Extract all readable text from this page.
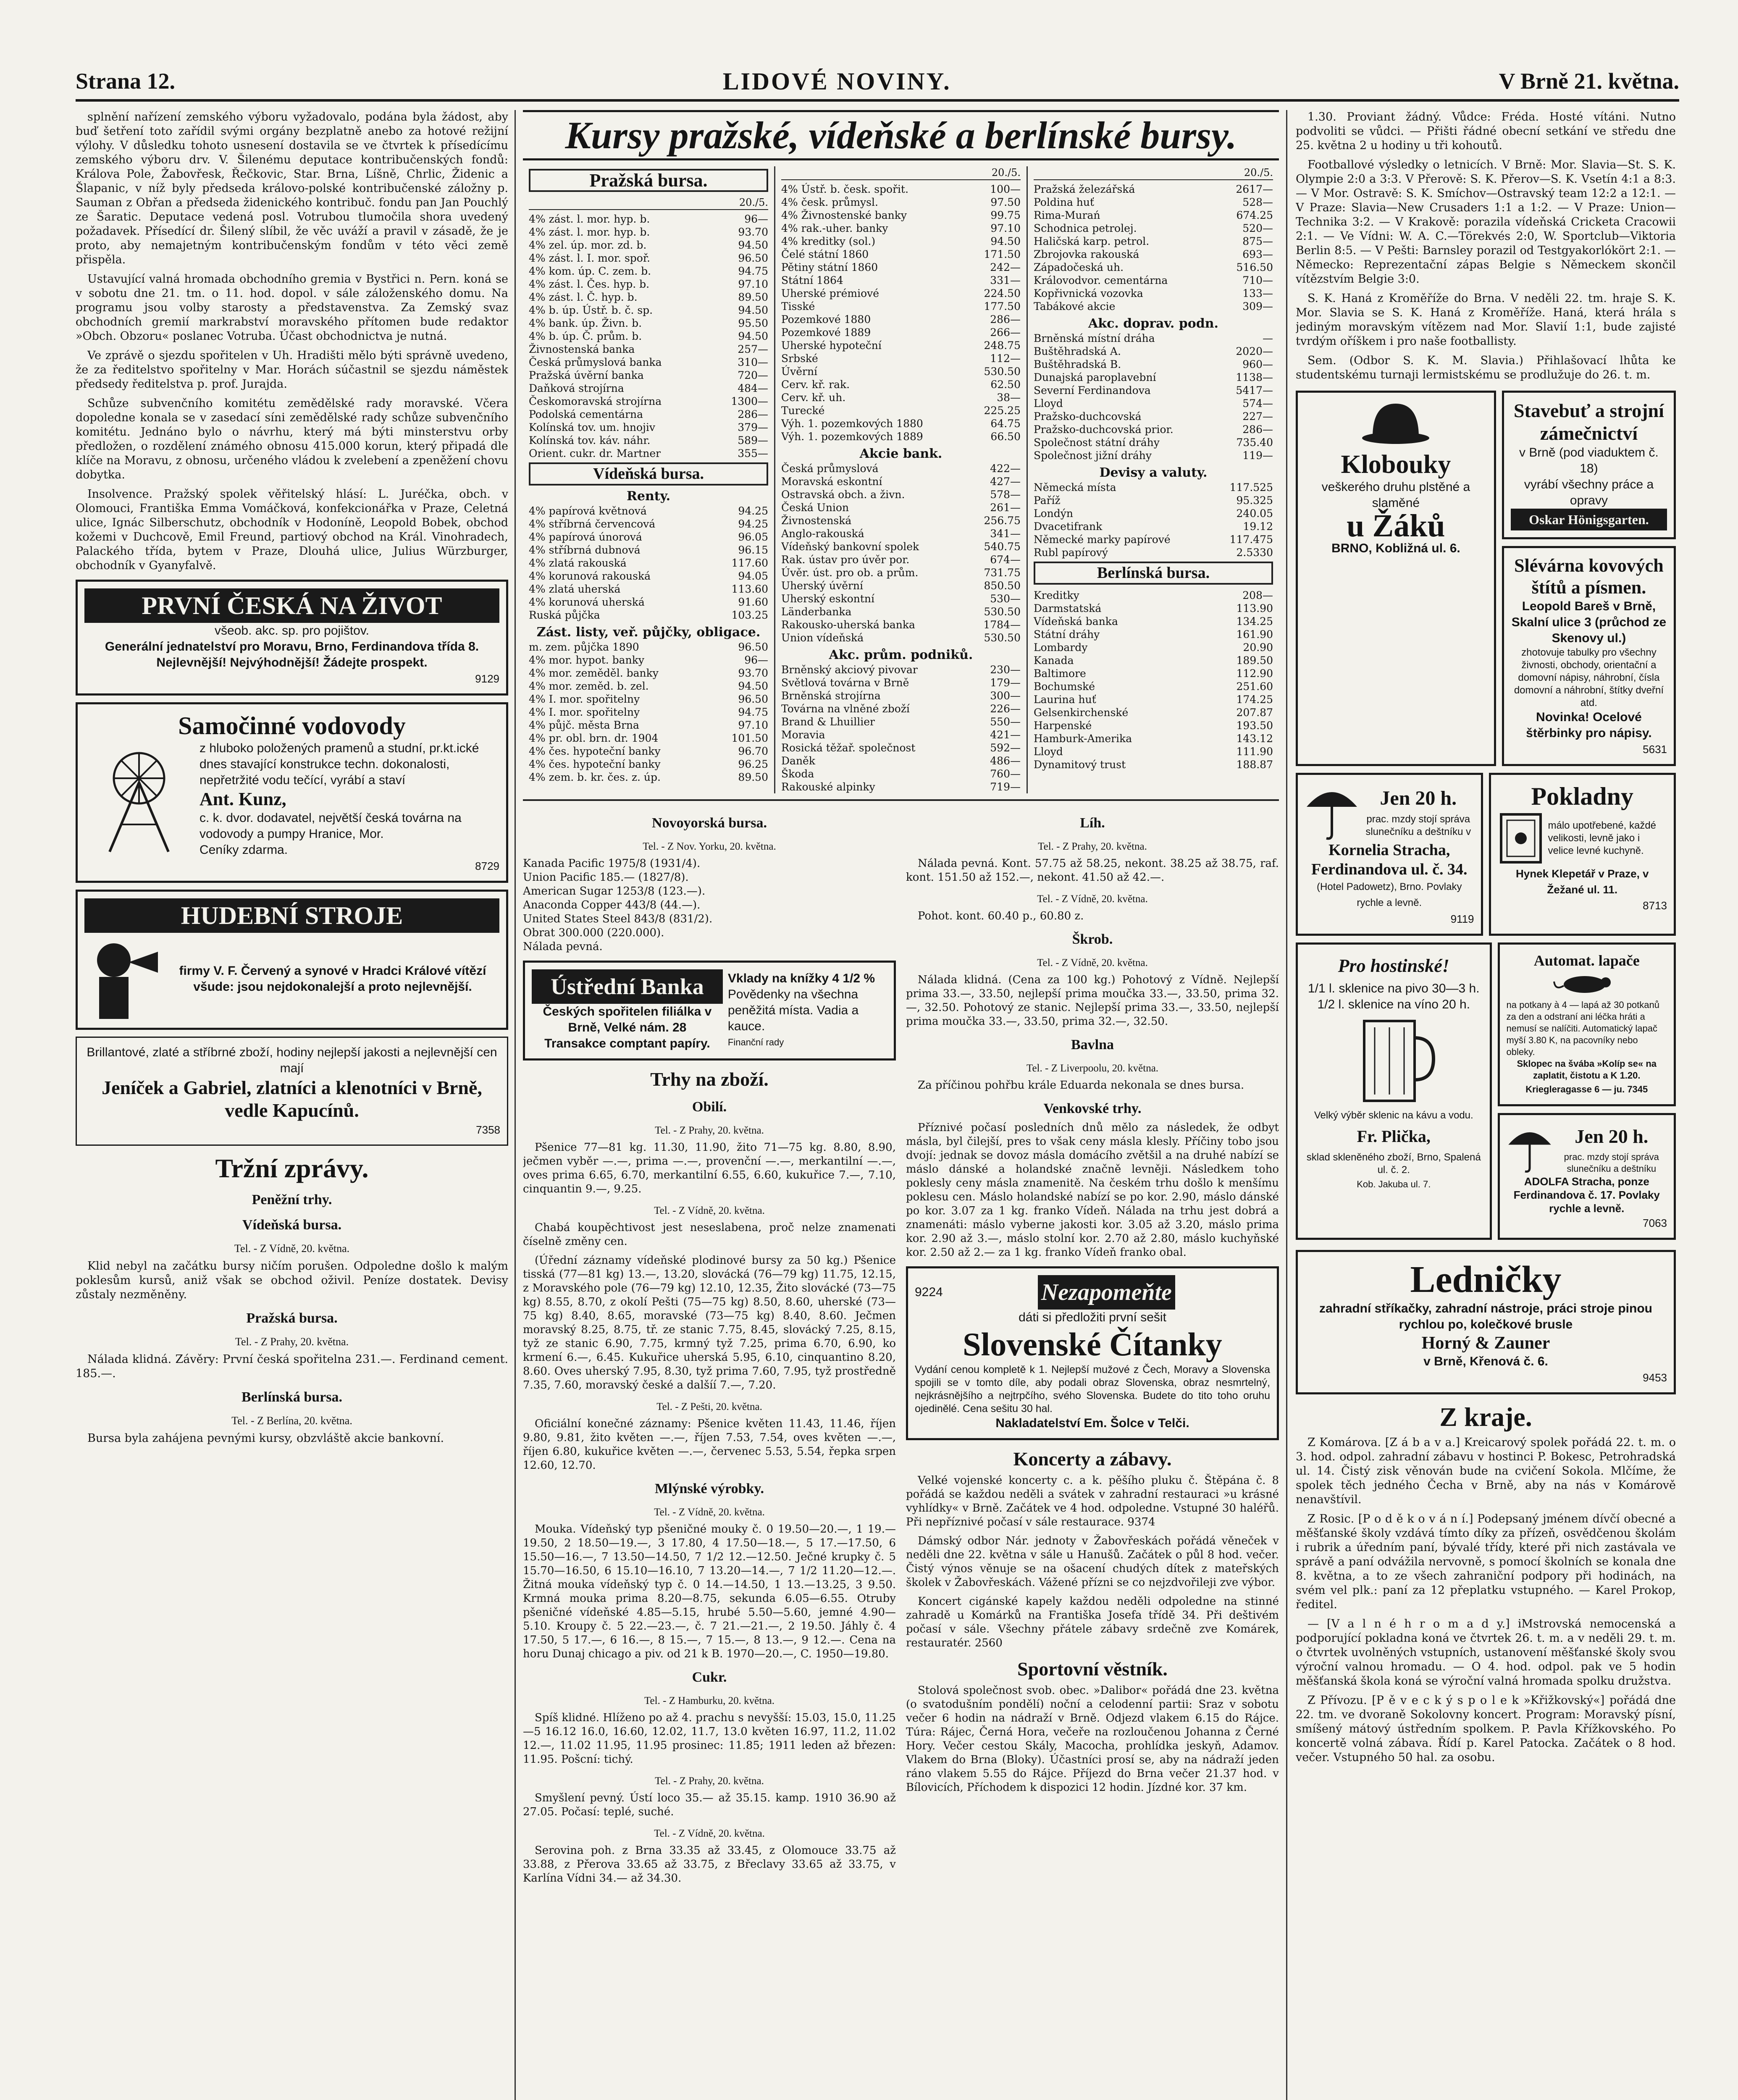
Strana 12.	LIDOVÉ NOVINY.	V Brně 21. května.

splnění nařízení zemského výboru vyžadovalo, podána byla žádost, aby buď šetření toto zařídil svými orgány bezplatně anebo za hotové režijní výlohy. V důsledku tohoto usnesení dostavila se ve čtvrtek k přísedícímu zemského výboru drv. V. Šilenému deputace kontribučenských fondů: Králova Pole, Žabovřesk, Řečkovic, Star. Brna, Líšně, Chrlic, Židenic a Šlapanic, v níž byly předseda královo-polské kontribučenské záložny p. Sauman z Obřan a předseda židenického kontribuč. fondu pan Jan Pouchlý ze Šaratic. Deputace vedená posl. Votrubou tlumočila shora uvedený požadavek. Přísedící dr. Šilený slíbil, že věc uváží a pravil v zásadě, že je proto, aby nemajetným kontribučenským fondům v této věci země přispěla.

Ustavující valná hromada obchodního gremia v Bystřici n. Pern. koná se v sobotu dne 21. tm. o 11. hod. dopol. v sále záloženského domu. Na programu jsou volby starosty a představenstva. Za Zemský svaz obchodních gremií markrabství moravského přítomen bude redaktor »Obch. Obzoru« poslanec Votruba. Účast obchodnictva je nutná.

Ve zprávě o sjezdu spořitelen v Uh. Hradišti mělo býti správně uvedeno, že za ředitelstvo spořitelny v Mar. Horách súčastnil se sjezdu náměstek předsedy ředitelstva p. prof. Jurajda.

Schůze subvenčního komitétu zemědělské rady moravské. Včera dopoledne konala se v zasedací síni zemědělské rady schůze subvenčního komitétu. Jednáno bylo o návrhu, který má býti minsterstvu orby předložen, o rozdělení známého obnosu 415.000 korun, který připadá dle klíče na Moravu, z obnosu, určeného vládou k zvelebení a zpeněžení chovu dobytka.

Insolvence. Pražský spolek věřitelský hlásí: L. Juréčka, obch. v Olomouci, Františka Emma Vomáčková, konfekcionářka v Praze, Celetná ulice, Ignác Silberschutz, obchodník v Hodoníně, Leopold Bobek, obchod kožemi v Duchcově, Emil Freund, partiový obchod na Král. Vinohradech, Palackého třída, bytem v Praze, Dlouhá ulice, Julius Würzburger, obchodník v Gyanyfalvě.

PRVNÍ ČESKÁ NA ŽIVOT
všeob. akc. sp. pro pojištov.
Generální jednatelství pro Moravu, Brno, Ferdinandova třída 8.
Nejlevnější! Nejvýhodnější! Žádejte prospekt.
9129
Samočinné vodovody
z hluboko položených pramenů a studní, pr.kt.ické dnes stavající konstrukce techn. dokonalosti, nepřetržité vodu tečící, vyrábí a staví
Ant. Kunz,
c. k. dvor. dodavatel, největší česká továrna na vodovody a pumpy Hranice, Mor.
Ceníky zdarma.
8729
HUDEBNÍ STROJE
firmy V. F. Červený a synové v Hradci Králové vítězí všude: jsou nejdokonalejší a proto nejlevnější.
Brillantové, zlaté a stříbrné zboží, hodiny nejlepší jakosti a nejlevnější cen mají
Jeníček a Gabriel, zlatníci a klenotníci v Brně, vedle Kapucínů.
7358
Tržní zprávy.
Peněžní trhy.
Vídeňská bursa.
Tel. - Z Vídně, 20. května.

Klid nebyl na začátku bursy ničím porušen. Odpoledne došlo k malým poklesům kursů, aniž však se obchod oživil. Peníze dostatek. Devisy zůstaly nezměněny.

Pražská bursa.
Tel. - Z Prahy, 20. května.

Nálada klidná. Závěry: První česká spořitelna 231.—. Ferdinand cement. 185.—.

Berlínská bursa.
Tel. - Z Berlína, 20. května.

Bursa byla zahájena pevnými kursy, obzvláště akcie bankovní.

Kursy pražské, vídeňské a berlínské bursy.
Pražská bursa.
20./5.
4% zást. l. mor. hyp. b.	96—
4% zást. l. mor. hyp. b.	93.70
4% zel. úp. mor. zd. b.	94.50
4% zást. l. I. mor. spoř.	96.50
4% kom. úp. C. zem. b.	94.75
4% zást. l. Čes. hyp. b.	97.10
4% zást. l. Č. hyp. b.	89.50
4% b. úp. Ústř. b. č. sp.	94.50
4% bank. úp. Živn. b.	95.50
4% b. úp. Č. prům. b.	94.50
Živnostenská banka	257—
Česká průmyslová banka	310—
Pražská úvěrní banka	720—
Daňková strojírna	484—
Českomoravská strojírna	1300—
Podolská cementárna	286—
Kolínská tov. um. hnojiv	379—
Kolínská tov. káv. náhr.	589—
Orient. cukr. dr. Martner	355—
Vídeňská bursa.
Renty.
4% papírová květnová	94.25
4% stříbrná červencová	94.25
4% papírová únorová	96.05
4% stříbrná dubnová	96.15
4% zlatá rakouská	117.60
4% korunová rakouská	94.05
4% zlatá uherská	113.60
4% korunová uherská	91.60
Ruská půjčka	103.25
Zást. listy, veř. půjčky, obligace.
m. zem. půjčka 1890	96.50
4% mor. hypot. banky	96—
4% mor. zeměděl. banky	93.70
4% mor. zeměd. b. zel.	94.50
4% I. mor. spořitelny	96.50
4% I. mor. spořitelny	94.75
4% půjč. města Brna	97.10
4% pr. obl. brn. dr. 1904	101.50
4% čes. hypoteční banky	96.70
4% čes. hypoteční banky	96.25
4% zem. b. kr. čes. z. úp.	89.50
20./5.
4% Ústř. b. česk. spořit.	100—
4% česk. průmysl.	97.50
4% Živnostenské banky	99.75
4% rak.-uher. banky	97.10
4% kreditky (sol.)	94.50
Čelé státní 1860	171.50
Pětiny státní 1860	242—
Státní 1864	331—
Uherské prémiové	224.50
Tisské	177.50
Pozemkové 1880	286—
Pozemkové 1889	266—
Uherské hypoteční	248.75
Srbské	112—
Úvěrní	530.50
Cerv. kř. rak.	62.50
Cerv. kř. uh.	38—
Turecké	225.25
Výh. 1. pozemkových 1880	64.75
Výh. 1. pozemkových 1889	66.50
Akcie bank.
Česká průmyslová	422—
Moravská eskontní	427—
Ostravská obch. a živn.	578—
Česká Union	261—
Živnostenská	256.75
Anglo-rakouská	341—
Vídeňský bankovní spolek	540.75
Rak. ústav pro úvěr por.	674—
Úvěr. úst. pro ob. a prům.	731.75
Uherský úvěrní	850.50
Uherský eskontní	530—
Länderbanka	530.50
Rakousko-uherská banka	1784—
Union vídeňská	530.50
Akc. prům. podniků.
Brněnský akciový pivovar	230—
Světlová továrna v Brně	179—
Brněnská strojírna	300—
Továrna na vlněné zboží	226—
Brand & Lhuillier	550—
Moravia	421—
Rosická těžař. společnost	592—
Daněk	486—
Škoda	760—
Rakouské alpinky	719—
20./5.
Pražská železářská	2617—
Poldina huť	528—
Rima-Murań	674.25
Schodnica petrolej.	520—
Haličská karp. petrol.	875—
Zbrojovka rakouská	693—
Západočeská uh.	516.50
Královodvor. cementárna	710—
Kopřivnická vozovka	133—
Tabákové akcie	309—
Akc. doprav. podn.
Brněnská místní dráha	—
Buštěhradská A.	2020—
Buštěhradská B.	960—
Dunajská paroplavební	1138—
Severní Ferdinandova	5417—
Lloyd	574—
Pražsko-duchcovská	227—
Pražsko-duchcovská prior.	286—
Společnost státní dráhy	735.40
Společnost jižní dráhy	119—
Devisy a valuty.
Německá místa	117.525
Paříž	95.325
Londýn	240.05
Dvacetifrank	19.12
Německé marky papírové	117.475
Rubl papírový	2.5330
Berlínská bursa.
Kreditky	208—
Darmstatská	113.90
Vídeňská banka	134.25
Státní dráhy	161.90
Lombardy	20.90
Kanada	189.50
Baltimore	112.90
Bochumské	251.60
Laurina huť	174.25
Gelsenkirchenské	207.87
Harpenské	193.50
Hamburk-Amerika	143.12
Lloyd	111.90
Dynamitový trust	188.87
Novoyorská bursa.
Tel. - Z Nov. Yorku, 20. května.
Kanada Pacific 1975/8 (1931/4).
Union Pacific 185.— (1827/8).
American Sugar 1253/8 (123.—).
Anaconda Copper 443/8 (44.—).
United States Steel 843/8 (831/2).
Obrat 300.000 (220.000).
Nálada pevná.
Ústřední Banka
Českých spořitelen filiálka v Brně, Velké nám. 28
Transakce comptant papíry.
Vklady na knížky 4 1/2 %
Povědenky na všechna peněžitá místa. Vadia a kauce.
Finanční rady
Trhy na zboží.
Obilí.
Tel. - Z Prahy, 20. května.

Pšenice 77—81 kg. 11.30, 11.90, žito 71—75 kg. 8.80, 8.90, ječmen vyběr —.—, prima —.—, provenční —.—, merkantilní —.—, oves prima 6.65, 6.70, merkantilní 6.55, 6.60, kukuřice 7.—, 7.10, cinquantin 9.—, 9.25.

Tel. - Z Vídně, 20. května.

Chabá koupěchtivost jest neseslabena, proč nelze znamenati číselně změny cen.

(Úřední záznamy vídeňské plodinové bursy za 50 kg.) Pšenice tisská (77—81 kg) 13.—, 13.20, slovácká (76—79 kg) 11.75, 12.15, z Moravského pole (76—79 kg) 12.10, 12.35, Žito slovácké (73—75 kg) 8.55, 8.70, z okolí Pešti (75—75 kg) 8.50, 8.60, uherské (73—75 kg) 8.40, 8.65, moravské (73—75 kg) 8.40, 8.60. Ječmen moravský 8.25, 8.75, tř. ze stanic 7.75, 8.45, slovácký 7.25, 8.15, tyž ze stanic 6.90, 7.75, krmný tyž 7.25, prima 6.70, 6.90, ko krmení 6.—, 6.45. Kukuřice uherská 5.95, 6.10, cinquantino 8.20, 8.60. Oves uherský 7.95, 8.30, tyž prima 7.60, 7.95, tyž prostředně 7.35, 7.60, moravský české a dalšíí 7.—, 7.20.

Tel. - Z Pešti, 20. května.

Oficiální konečné záznamy: Pšenice květen 11.43, 11.46, říjen 9.80, 9.81, žito květen —.—, říjen 7.53, 7.54, oves květen —.—, říjen 6.80, kukuřice květen —.—, červenec 5.53, 5.54, řepka srpen 12.60, 12.70.

Mlýnské výrobky.
Tel. - Z Vídně, 20. května.

Mouka. Vídeňský typ pšeničné mouky č. 0 19.50—20.—, 1 19.—19.50, 2 18.50—19.—, 3 17.80, 4 17.50—18.—, 5 17.—17.50, 6 15.50—16.—, 7 13.50—14.50, 7 1/2 12.—12.50. Ječné krupky č. 5 15.70—16.50, 6 15.10—16.10, 7 13.20—14.—, 7 1/2 11.20—12.—. Žitná mouka vídeňský typ č. 0 14.—14.50, 1 13.—13.25, 3 9.50. Krmná mouka prima 8.20—8.75, sekunda 6.05—6.55. Otruby pšeničné vídeňské 4.85—5.15, hrubé 5.50—5.60, jemné 4.90—5.10. Kroupy č. 5 22.—23.—, č. 7 21.—21.—, 2 19.50. Jáhly č. 4 17.50, 5 17.—, 6 16.—, 8 15.—, 7 15.—, 8 13.—, 9 12.—. Cena na horu Dunaj chicago a piv. od 21 k B. 1970—20.—, C. 1950—19.80.

Cukr.
Tel. - Z Hamburku, 20. května.

Spíš klidné. Hlíženo po až 4. prachu s nevyšší: 15.03, 15.0, 11.25—5 16.12 16.0, 16.60, 12.02, 11.7, 13.0 květen 16.97, 11.2, 11.02 12.—, 11.02 11.95, 11.95 prosinec: 11.85; 1911 leden až březen: 11.95. Pošcní: tichý.

Tel. - Z Prahy, 20. května.

Smyšlení pevný. Ústí loco 35.— až 35.15. kamp. 1910 36.90 až 27.05. Počasí: teplé, suché.

Tel. - Z Vídně, 20. května.

Serovina poh. z Brna 33.35 až 33.45, z Olomouce 33.75 až 33.88, z Přerova 33.65 až 33.75, z Břeclavy 33.65 až 33.75, v Karlína Vídni 34.— až 34.30.

Líh.
Tel. - Z Prahy, 20. května.

Nálada pevná. Kont. 57.75 až 58.25, nekont. 38.25 až 38.75, raf. kont. 151.50 až 152.—, nekont. 41.50 až 42.—.

Tel. - Z Vídně, 20. května.

Pohot. kont. 60.40 p., 60.80 z.

Škrob.
Tel. - Z Vídně, 20. května.

Nálada klidná. (Cena za 100 kg.) Pohotový z Vídně. Nejlepší prima 33.—, 33.50, nejlepší prima moučka 33.—, 33.50, prima 32.—, 32.50. Pohotový ze stanic. Nejlepší prima 33.—, 33.50, nejlepší prima moučka 33.—, 33.50, prima 32.—, 32.50.

Bavlna
Tel. - Z Liverpoolu, 20. května.

Za příčinou pohřbu krále Eduarda nekonala se dnes bursa.

Venkovské trhy.

Příznivé počasí posledních dnů mělo za následek, že odbyt másla, byl čilejší, pres to však ceny másla klesly. Příčiny tobo jsou dvojí: jednak se dovoz másla domácího zvětšil a na druhé nabízí se máslo dánské a holandské značně levněji. Následkem toho poklesly ceny másla znamenitě. Na českém trhu došlo k menšímu poklesu cen. Máslo holandské nabízí se po kor. 2.90, máslo dánské po kor. 3.07 za 1 kg. franko Vídeň. Nálada na trhu jest dobrá a znamenáti: máslo vyberne jakosti kor. 3.05 až 3.20, máslo prima kor. 2.90 až 3.—, máslo stolní kor. 2.70 až 2.80, máslo kuchyňské kor. 2.50 až 2.— za 1 kg. franko Vídeň franko obal.

9224	Nezapomeňte
dáti si předložiti první sešit
Slovenské Čítanky
Vydání cenou kompletě k 1. Nejlepší mužové z Čech, Moravy a Slovenska spojili se v tomto díle, aby podali obraz Slovenska, obraz nesmrtelný, nejkrásnějšího a nejtrpčího, svého Slovenska. Budete do tito toho oruhu ojedinělé. Cena sešitu 30 hal.
Nakladatelství Em. Šolce v Telči.
Koncerty a zábavy.

Velké vojenské koncerty c. a k. pěšího pluku č. Štěpána č. 8 pořádá se každou neděli a svátek v zahradní restauraci »u krásné vyhlídky« v Brně. Začátek ve 4 hod. odpoledne. Vstupné 30 haléřů. Při nepříznivé počasí v sále restaurace. 9374

Dámský odbor Nár. jednoty v Žabovřeskách pořádá věneček v neděli dne 22. května v sále u Hanušů. Začátek o půl 8 hod. večer. Čistý výnos věnuje se na ošacení chudých dítek z mateřských školek v Žabovřeskách. Vážené přízni se co nejzdvořileji zve výbor.

Koncert cigánské kapely každou neděli odpoledne na stinné zahradě u Komárků na Františka Josefa třídě 34. Při deštivém počasí v sále. Všechny přátele zábavy srdečně zve Komárek, restauratér. 2560

Sportovní věstník.

Stolová společnost svob. obec. »Dalibor« pořádá dne 23. května (o svatodušním pondělí) noční a celodenní partii: Sraz v sobotu večer 6 hodin na nádraží v Brně. Odjezd vlakem 6.15 do Rájce. Túra: Rájec, Černá Hora, večeře na rozloučenou Johanna z Černé Hory. Večer cestou Skály, Macocha, prohlídka jeskyň, Adamov. Vlakem do Brna (Bloky). Účastníci prosí se, aby na nádraží jeden ráno vlakem 5.55 do Rájce. Příjezd do Brna večer 21.37 hod. v Bílovicích, Příchodem k dispozici 12 hodin. Jízdné kor. 37 km.

1.30. Proviant žádný. Vůdce: Fréda. Hosté vítáni. Nutno podvoliti se vůdci. — Přišti řádné obecní setkání ve středu dne 25. května 2 u hodiny u tři kohoutů.

Footballové výsledky o letnicích. V Brně: Mor. Slavia—St. S. K. Olympie 2:0 a 3:3. V Přerově: S. K. Přerov—S. K. Vsetín 4:1 a 8:3. — V Mor. Ostravě: S. K. Smíchov—Ostravský team 12:2 a 12:1. — V Praze: Slavia—New Crusaders 1:1 a 1:2. — V Praze: Union—Technika 3:2. — V Krakově: porazila vídeňská Cricketa Cracowii 2:1. — Ve Vídni: W. A. C.—Törekvés 2:0, W. Sportclub—Viktoria Berlin 8:5. — V Pešti: Barnsley porazil od Testgyakorlókört 2:1. — Německo: Reprezentační zápas Belgie s Německem skončil vítězstvím Belgie 3:0.

S. K. Haná z Kroměříže do Brna. V neděli 22. tm. hraje S. K. Mor. Slavia se S. K. Haná z Kroměříže. Haná, která hrála s jediným moravským vítězem nad Mor. Slavií 1:1, bude zajisté tvrdým oříškem i pro naše footballisty.

Sem. (Odbor S. K. M. Slavia.) Přihlašovací lhůta ke studentskému turnaji lermistskému se prodlužuje do 26. t. m.

Klobouky
veškerého druhu plstěné a slaměné
u Žáků
BRNO, Kobližná ul. 6.
Stavebuť a strojní zámečnictví
v Brně (pod viaduktem č. 18)
vyrábí všechny práce a opravy
Oskar Hönigsgarten.
Slévárna kovových štítů a písmen.
Leopold Bareš v Brně, Skalní ulice 3 (průchod ze Skenovy ul.)
zhotovuje tabulky pro všechny živnosti, obchody, orientační a domovní nápisy, náhrobní, čísla domovní a náhrobní, štítky dveřní atd.
Novinka! Ocelové štěrbinky pro nápisy.
5631
Jen 20 h.
prac. mzdy stojí správa slunečníku a deštníku v
Kornelia Stracha, Ferdinandova ul. č. 34.
(Hotel Padowetz), Brno. Povlaky rychle a levně.
9119
Pokladny
málo upotřebené, každé velikosti, levně jako i velice levné kuchyně.
Hynek Klepetář v Praze, v Žežané ul. 11.
8713
Pro hostinské!
1/1 l. sklenice na pivo 30—3 h.
1/2 l. sklenice na víno 20 h.
Velký výběr sklenic na kávu a vodu.
Fr. Plička,
sklad skleněného zboží, Brno, Spalená ul. č. 2.
Kob. Jakuba ul. 7.
Automat. lapače
na potkany à 4 — lapá až 30 potkanů za den a odstraní ani léčka hráti a nemusí se nalíčiti. Automatický lapač myší 3.80 K, na pacovníky nebo obleky.
Sklopec na švába »Kolíp se« na zaplatit, čistotu a K 1.20.
Kriegleragasse 6 — ju. 7345
Jen 20 h.
prac. mzdy stojí správa slunečníku a deštníku
ADOLFA Stracha, ponze Ferdinandova č. 17. Povlaky rychle a levně.
7063
Ledničky
zahradní stříkačky, zahradní nástroje, práci stroje pinou rychlou po, kolečkové brusle
Horný & Zauner
v Brně, Křenová č. 6.
9453
Z kraje.

Z Komárova. [Z á b a v a.] Kreicarový spolek pořádá 22. t. m. o 3. hod. odpol. zahradní zábavu v hostinci P. Bokesc, Petrohradská ul. 14. Čistý zisk věnován bude na cvičení Sokola. Mlčíme, že spolek těch jedného Čecha v Brně, aby na nás v Komárově nenavštívil.

Z Rosic. [P o d ě k o v á n í.] Podepsaný jménem dívčí obecné a měšťanské školy vzdává tímto díky za přízeň, osvědčenou školám i rubrik a úředním paní, bývalé třídy, které při nich zastávala ve správě a paní odvážila nervovně, s pomocí školních se konala dne 8. května, a to ze všech zahraniční podpory při hodinách, na svém vel plk.: paní za 12 přeplatku vstupného. — Karel Prokop, ředitel.

— [V a l n é h r o m a d y.] iMstrovská nemocenská a podporující pokladna koná ve čtvrtek 26. t. m. a v neděli 29. t. m. o čtvrtek uvolněných vstupních, ustanovení měšťanské školy svou výroční valnou hromadu. — O 4. hod. odpol. pak ve 5 hodin měšťanská škola koná se výroční valná hromada spolku družstva.

Z Přívozu. [P ě v e c k ý s p o l e k »Křižkovský«] pořádá dne 22. tm. ve dvoraně Sokolovny koncert. Program: Moravský písní, smíšený mátový ústředním spolkem. P. Pavla Křížkovského. Po koncertě volná zábava. Řídí p. Karel Patocka. Začátek o 8 hod. večer. Vstupného 50 hal. za osobu.
